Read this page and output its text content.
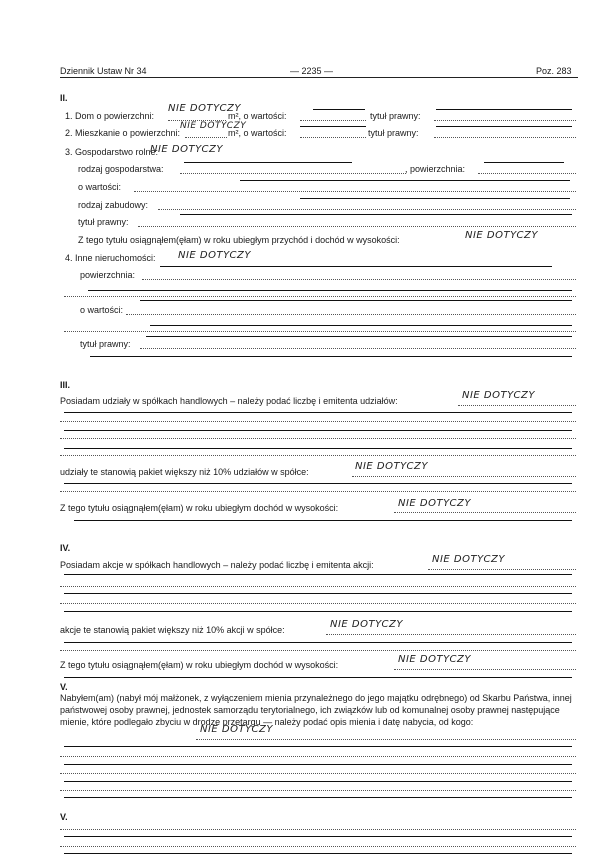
Dziennik Ustaw Nr 34	— 2235 —	Poz. 283
II.
1. Dom o powierzchni:
NIE DOTYCZY
m², o wartości:	tytuł prawny:
2. Mieszkanie o powierzchni:
NIE DOTYCZY
m², o wartości:	tytuł prawny:
3. Gospodarstwo rolne:
NIE DOTYCZY
rodzaj gospodarstwa:	, powierzchnia:
o wartości:
rodzaj zabudowy:
tytuł prawny:
Z tego tytułu osiągnąłem(ęłam) w roku ubiegłym przychód i dochód w wysokości:	NIE DOTYCZY
4. Inne nieruchomości: NIE DOTYCZY
powierzchnia:
o wartości:
tytuł prawny:
III.
Posiadam udziały w spółkach handlowych – należy podać liczbę i emitenta udziałów:	NIE DOTYCZY
udziały te stanowią pakiet większy niż 10% udziałów w spółce:	NIE DOTYCZY
Z tego tytułu osiągnąłem(ęłam) w roku ubiegłym dochód w wysokości:	NIE DOTYCZY
IV.
Posiadam akcje w spółkach handlowych – należy podać liczbę i emitenta akcji:	NIE DOTYCZY
akcje te stanowią pakiet większy niż 10% akcji w spółce:	NIE DOTYCZY
Z tego tytułu osiągnąłem(ęłam) w roku ubiegłym dochód w wysokości:	NIE DOTYCZY
V.
Nabyłem(am) (nabył mój małżonek, z wyłączeniem mienia przynależnego do jego majątku odrębnego) od Skarbu Państwa, innej państwowej osoby prawnej, jednostek samorządu terytorialnego, ich związków lub od komunalnej osoby prawnej następujące mienie, które podlegało zbyciu w drodze przetargu — należy podać opis mienia i datę nabycia, od kogo:
NIE DOTYCZY
V.
